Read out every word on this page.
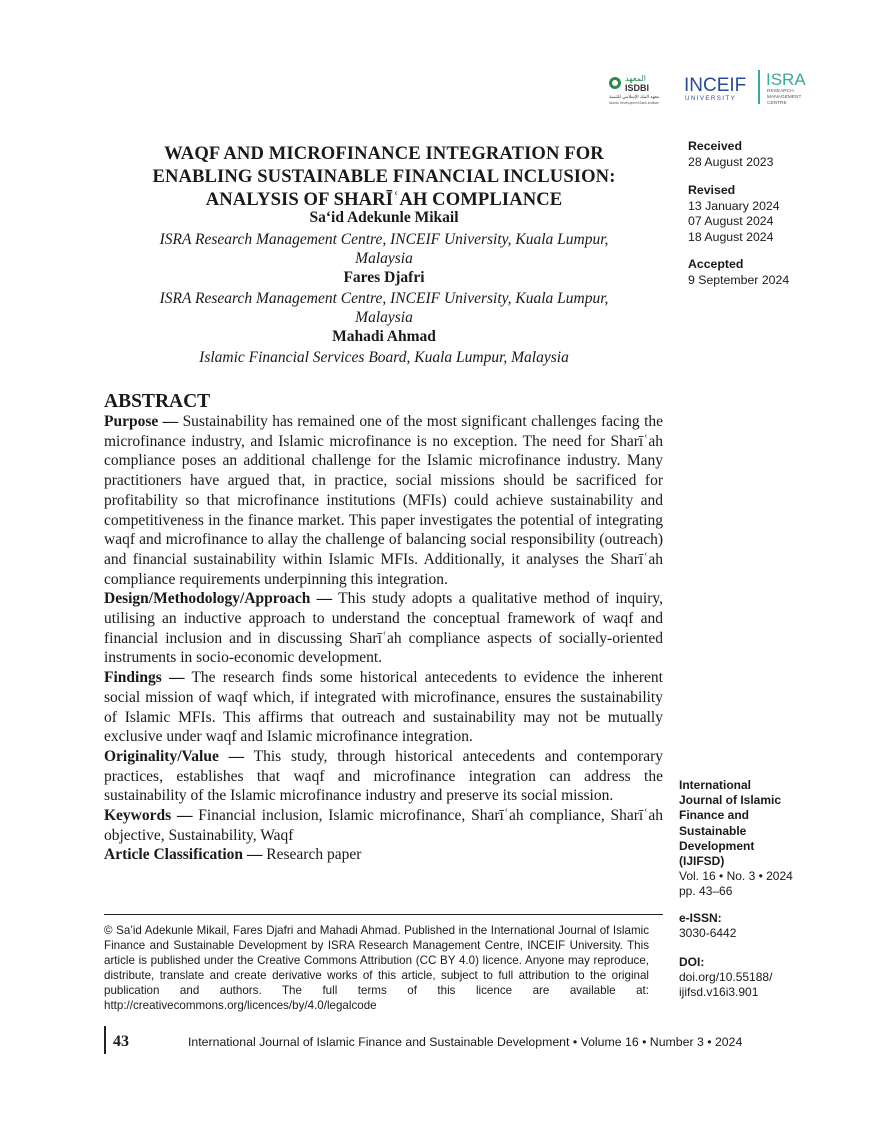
المعهد
ISDBI
معهد البنك الإسلامي للتنمية
Islamic Development Bank Institute
INCEIF
UNIVERSITY
ISRA
RESEARCH
MANAGEMENT
CENTRE
WAQF AND MICROFINANCE INTEGRATION FOR
ENABLING SUSTAINABLE FINANCIAL INCLUSION:
ANALYSIS OF SHARĪʿAH COMPLIANCE
Sa‘id Adekunle Mikail
ISRA Research Management Centre, INCEIF University, Kuala Lumpur,
Malaysia
Fares Djafri
ISRA Research Management Centre, INCEIF University, Kuala Lumpur,
Malaysia
Mahadi Ahmad
Islamic Financial Services Board, Kuala Lumpur, Malaysia
Received
28 August 2023
Revised
13 January 2024
07 August 2024
18 August 2024
Accepted
9 September 2024
International
Journal of Islamic
Finance and
Sustainable
Development
(IJIFSD)
Vol. 16 • No. 3 • 2024
pp. 43–66
e-ISSN:
3030-6442
DOI:
doi.org/10.55188/
ijifsd.v16i3.901
ABSTRACT

Purpose — Sustainability has remained one of the most significant challenges facing the microfinance industry, and Islamic microfinance is no exception. The need for Sharīʿah compliance poses an additional challenge for the Islamic microfinance industry. Many practitioners have argued that, in practice, social missions should be sacrificed for profitability so that microfinance institutions (MFIs) could achieve sustainability and competitiveness in the finance market. This paper investigates the potential of integrating waqf and microfinance to allay the challenge of balancing social responsibility (outreach) and financial sustainability within Islamic MFIs. Additionally, it analyses the Sharīʿah compliance requirements underpinning this integration.

Design/Methodology/Approach — This study adopts a qualitative method of inquiry, utilising an inductive approach to understand the conceptual framework of waqf and financial inclusion and in discussing Sharīʿah compliance aspects of socially-oriented instruments in socio-economic development.

Findings — The research finds some historical antecedents to evidence the inherent social mission of waqf which, if integrated with microfinance, ensures the sustainability of Islamic MFIs. This affirms that outreach and sustainability may not be mutually exclusive under waqf and Islamic microfinance integration.

Originality/Value — This study, through historical antecedents and contemporary practices, establishes that waqf and microfinance integration can address the sustainability of the Islamic microfinance industry and preserve its social mission.

Keywords — Financial inclusion, Islamic microfinance, Sharīʿah compliance, Sharīʿah objective, Sustainability, Waqf

Article Classification — Research paper

© Sa’id Adekunle Mikail, Fares Djafri and Mahadi Ahmad. Published in the International Journal of Islamic Finance and Sustainable Development by ISRA Research Management Centre, INCEIF University. This article is published under the Creative Commons Attribution (CC BY 4.0) licence. Anyone may reproduce, distribute, translate and create derivative works of this article, subject to full attribution to the original publication and authors. The full terms of this licence are available at: http://creativecommons.org/licences/by/4.0/legalcode
43	International Journal of Islamic Finance and Sustainable Development • Volume 16 • Number 3 • 2024
